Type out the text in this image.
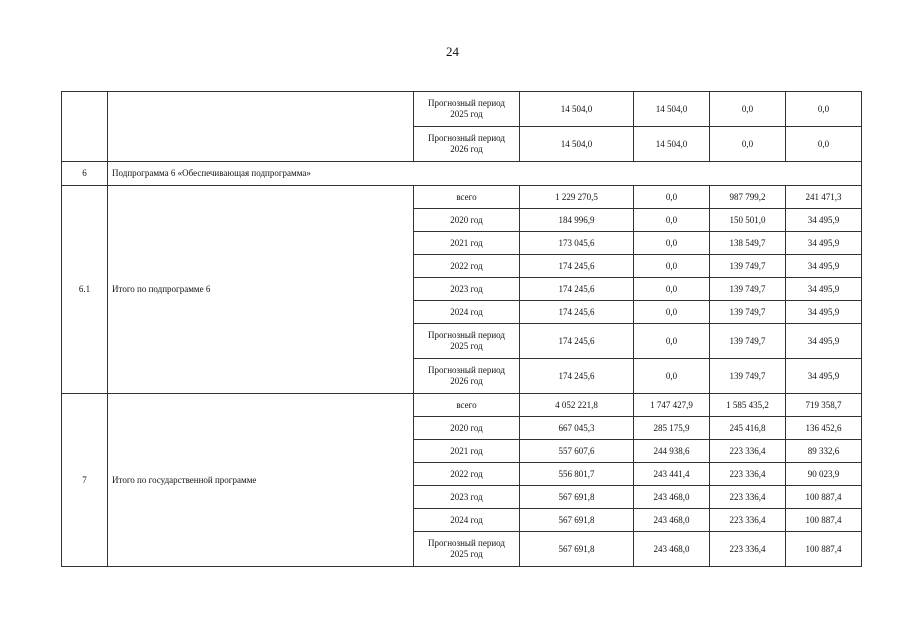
24
		Прогнозный период 2025 год	14 504,0	14 504,0	0,0	0,0
		Прогнозный период 2026 год	14 504,0	14 504,0	0,0	0,0
6	Подпрограмма 6 «Обеспечивающая подпрограмма»					
6.1	Итого по подпрограмме 6	всего	1 229 270,5	0,0	987 799,2	241 471,3
		2020 год	184 996,9	0,0	150 501,0	34 495,9
		2021 год	173 045,6	0,0	138 549,7	34 495,9
		2022 год	174 245,6	0,0	139 749,7	34 495,9
		2023 год	174 245,6	0,0	139 749,7	34 495,9
		2024 год	174 245,6	0,0	139 749,7	34 495,9
		Прогнозный период 2025 год	174 245,6	0,0	139 749,7	34 495,9
		Прогнозный период 2026 год	174 245,6	0,0	139 749,7	34 495,9
7	Итого по государственной программе	всего	4 052 221,8	1 747 427,9	1 585 435,2	719 358,7
		2020 год	667 045,3	285 175,9	245 416,8	136 452,6
		2021 год	557 607,6	244 938,6	223 336,4	89 332,6
		2022 год	556 801,7	243 441,4	223 336,4	90 023,9
		2023 год	567 691,8	243 468,0	223 336,4	100 887,4
		2024 год	567 691,8	243 468,0	223 336,4	100 887,4
		Прогнозный период 2025 год	567 691,8	243 468,0	223 336,4	100 887,4
